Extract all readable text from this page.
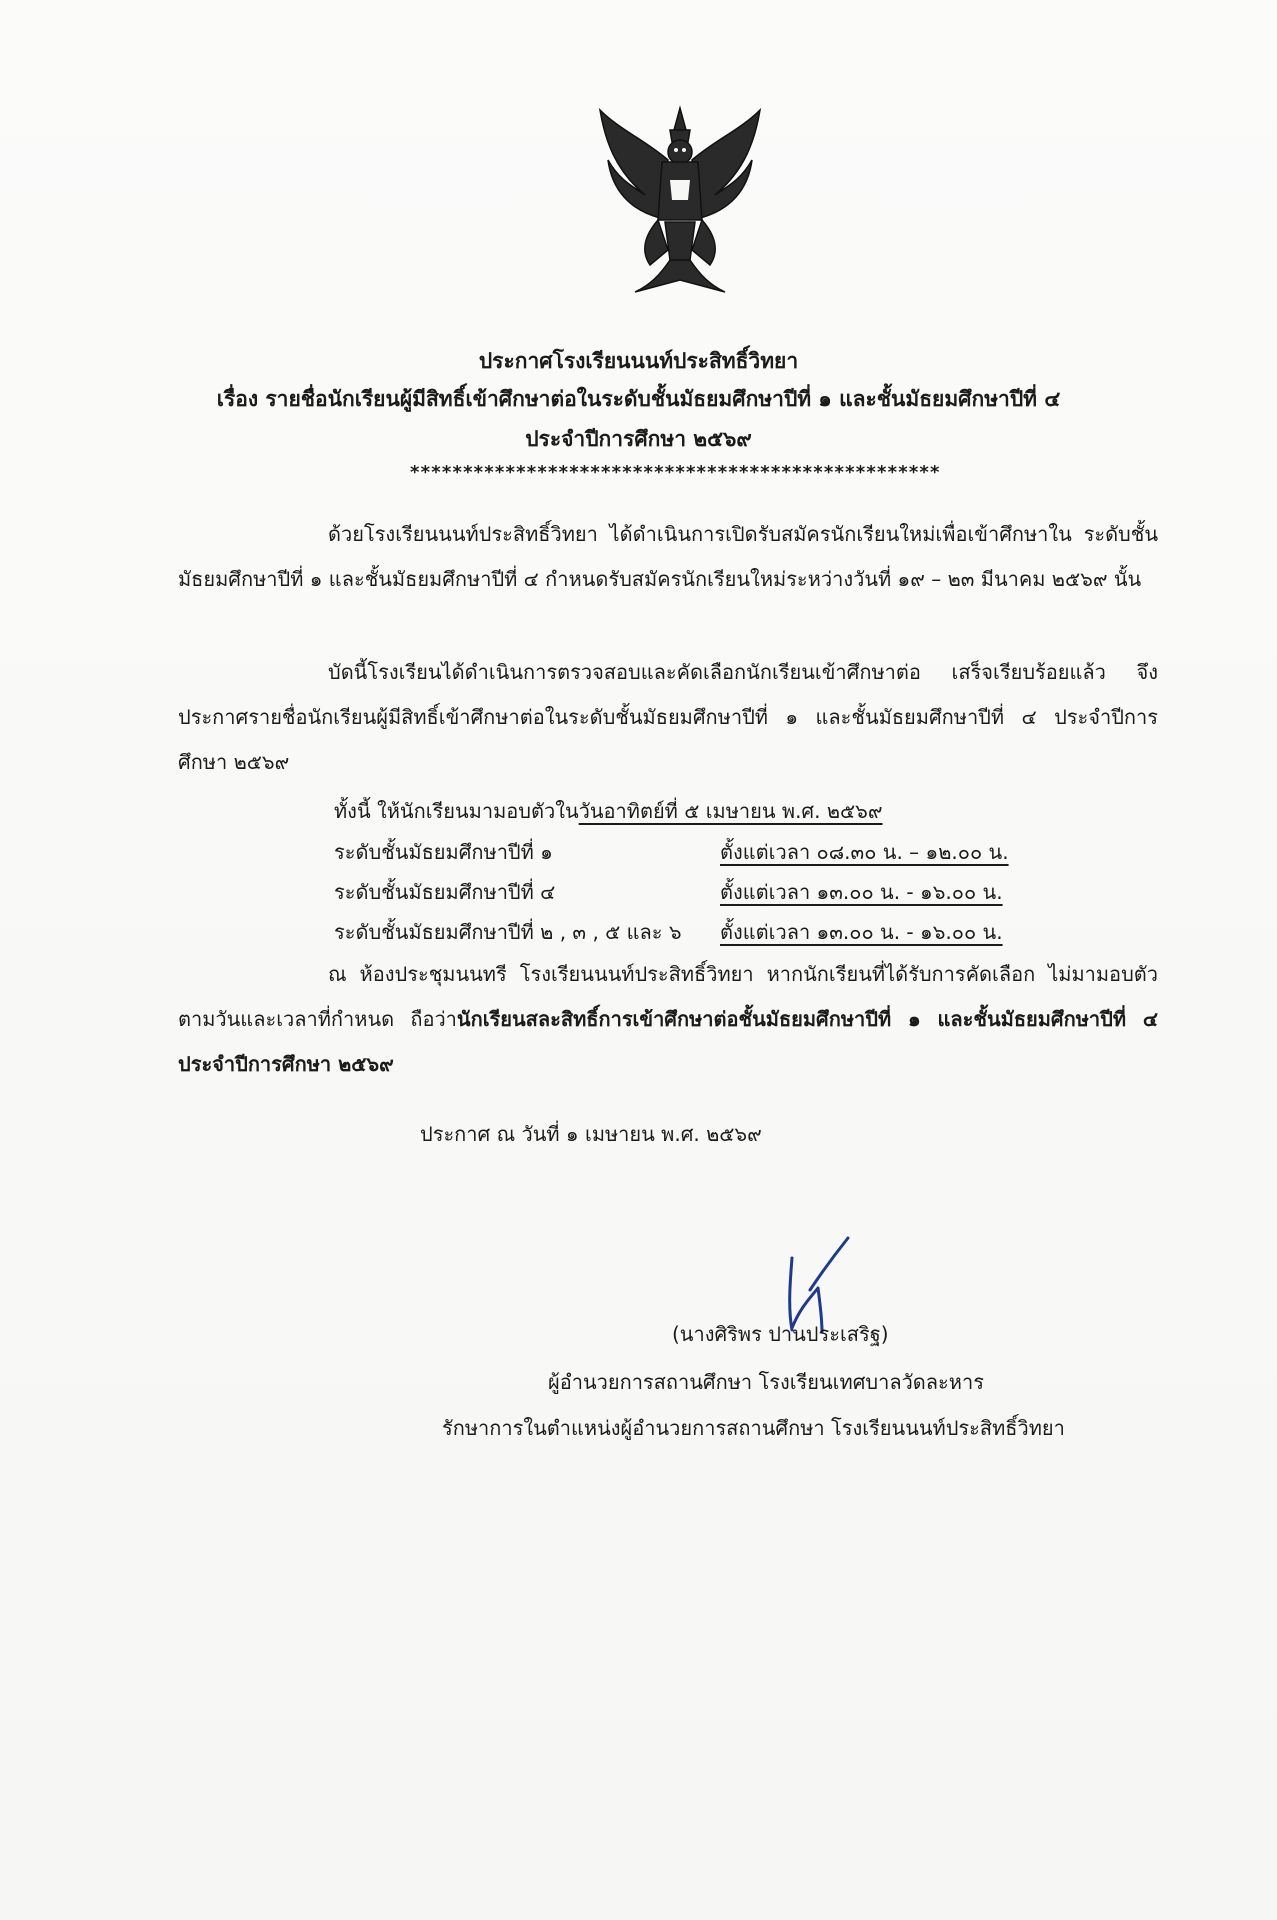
ประกาศโรงเรียนนนท์ประสิทธิ์วิทยา
เรื่อง รายชื่อนักเรียนผู้มีสิทธิ์เข้าศึกษาต่อในระดับชั้นมัธยมศึกษาปีที่ ๑ และชั้นมัธยมศึกษาปีที่ ๔
ประจำปีการศึกษา ๒๕๖๙
**************************************************
ด้วยโรงเรียนนนท์ประสิทธิ์วิทยา ได้ดำเนินการเปิดรับสมัครนักเรียนใหม่เพื่อเข้าศึกษาใน ระดับชั้นมัธยมศึกษาปีที่ ๑ และชั้นมัธยมศึกษาปีที่ ๔ กำหนดรับสมัครนักเรียนใหม่ระหว่างวันที่ ๑๙ – ๒๓ มีนาคม ๒๕๖๙ นั้น
บัดนี้โรงเรียนได้ดำเนินการตรวจสอบและคัดเลือกนักเรียนเข้าศึกษาต่อ เสร็จเรียบร้อยแล้ว จึงประกาศรายชื่อนักเรียนผู้มีสิทธิ์เข้าศึกษาต่อในระดับชั้นมัธยมศึกษาปีที่ ๑ และชั้นมัธยมศึกษาปีที่ ๔ ประจำปีการศึกษา ๒๕๖๙
ทั้งนี้ ให้นักเรียนมามอบตัวในวันอาทิตย์ที่ ๕ เมษายน พ.ศ. ๒๕๖๙
ระดับชั้นมัธยมศึกษาปีที่ ๑	ตั้งแต่เวลา ๐๘.๓๐ น. – ๑๒.๐๐ น.
ระดับชั้นมัธยมศึกษาปีที่ ๔	ตั้งแต่เวลา ๑๓.๐๐ น. - ๑๖.๐๐ น.
ระดับชั้นมัธยมศึกษาปีที่ ๒ , ๓ , ๕ และ ๖ ตั้งแต่เวลา ๑๓.๐๐ น. - ๑๖.๐๐ น.
ณ ห้องประชุมนนทรี โรงเรียนนนท์ประสิทธิ์วิทยา หากนักเรียนที่ได้รับการคัดเลือก ไม่มามอบตัวตามวันและเวลาที่กำหนด ถือว่านักเรียนสละสิทธิ์การเข้าศึกษาต่อชั้นมัธยมศึกษาปีที่ ๑ และชั้นมัธยมศึกษาปีที่ ๔ ประจำปีการศึกษา ๒๕๖๙
ประกาศ ณ วันที่ ๑ เมษายน พ.ศ. ๒๕๖๙
(นางศิริพร ปานประเสริฐ)
ผู้อำนวยการสถานศึกษา โรงเรียนเทศบาลวัดละหาร
รักษาการในตำแหน่งผู้อำนวยการสถานศึกษา โรงเรียนนนท์ประสิทธิ์วิทยา
